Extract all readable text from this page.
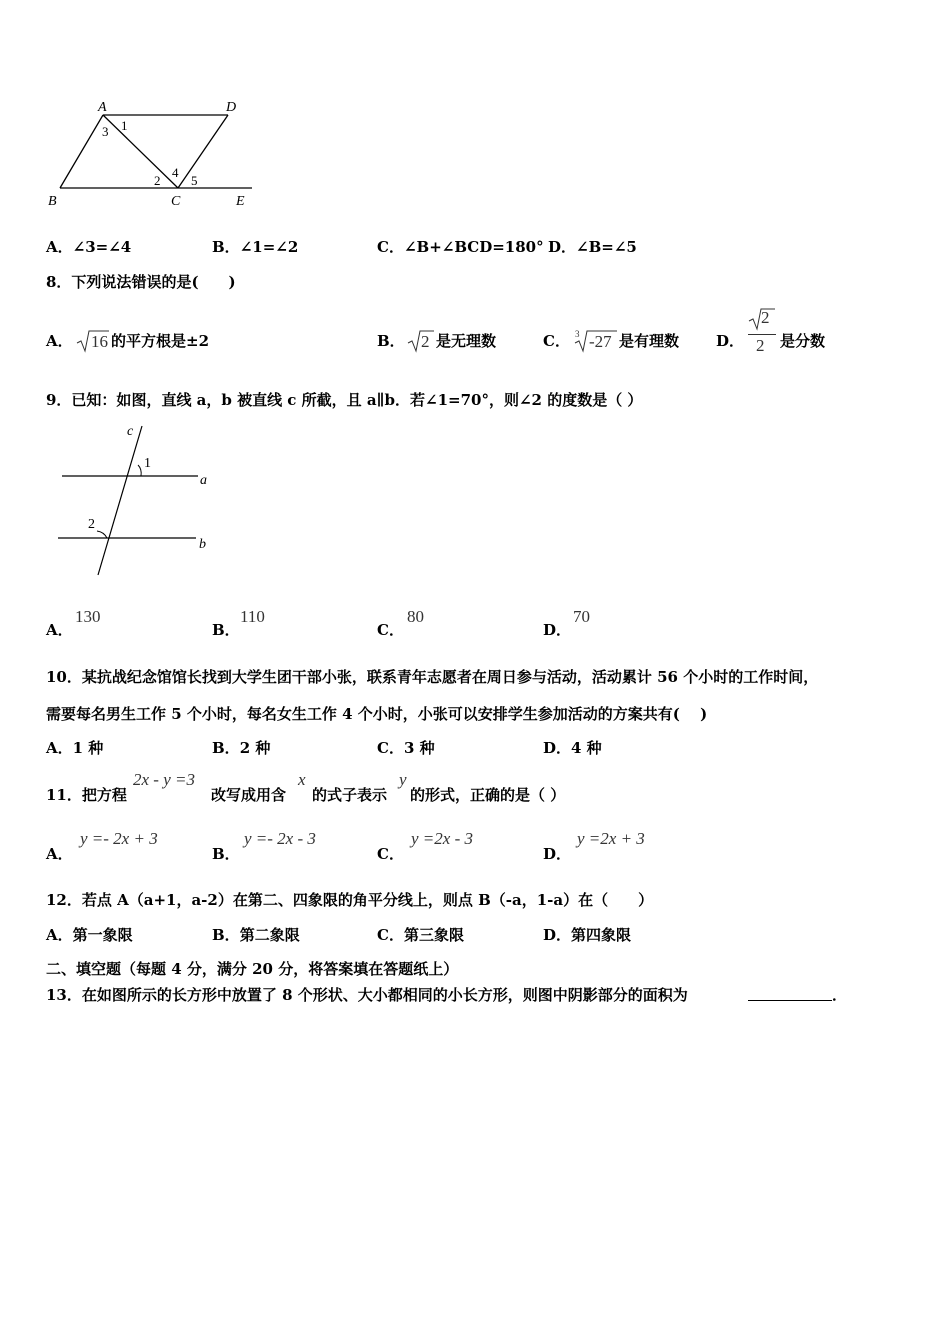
A	D
B	C	E
1
3
2
4
5
A．∠3=∠4	B．∠1=∠2	C．∠B+∠BCD=180° D．∠B=∠5
8．下列说法错误的是(　　)
A． 16 的平方根是±2	B． 2 是无理数	C． 3 -27 是有理数 D．
2
2 是分数
9．已知：如图，直线 a，b 被直线 c 所截，且 a∥b．若∠1=70°，则∠2 的度数是（ ）
c
a
b
1
2
A．
130
B．
110
C．
80
D．
70
10．某抗战纪念馆馆长找到大学生团干部小张，联系青年志愿者在周日参与活动，活动累计 56 个小时的工作时间，
需要每名男生工作 5 个小时，每名女生工作 4 个小时，小张可以安排学生参加活动的方案共有(　 )
A．1 种	B．2 种	C．3 种	D．4 种
11．把方程
2x - y =3
改写成用含
x
的式子表示
y
的形式，正确的是（ ）
A．
y =- 2x + 3
B．
y =- 2x - 3
C．
y =2x - 3
D．
y =2x + 3
12．若点 A（a+1，a-2）在第二、四象限的角平分线上，则点 B（-a，1-a）在（　　）
A．第一象限	B．第二象限	C．第三象限	D．第四象限
二、填空题（每题 4 分，满分 20 分，将答案填在答题纸上）
13．在如图所示的长方形中放置了 8 个形状、大小都相同的小长方形，则图中阴影部分的面积为	．
